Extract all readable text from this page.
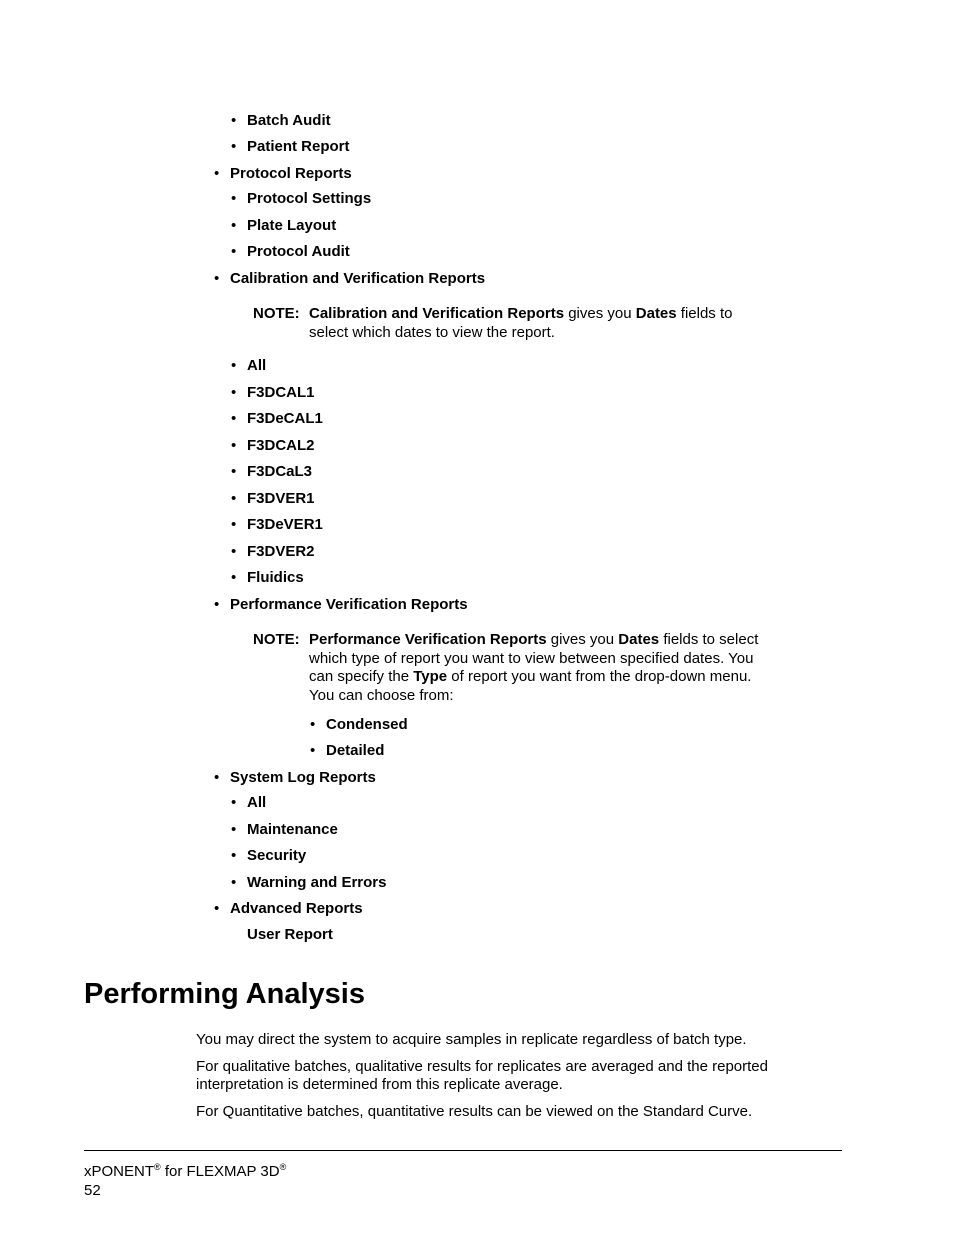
• Batch Audit
• Patient Report
• Protocol Reports
• Protocol Settings
• Plate Layout
• Protocol Audit
• Calibration and Verification Reports
NOTE: Calibration and Verification Reports gives you Dates fields to
select which dates to view the report.
• All
• F3DCAL1
• F3DeCAL1
• F3DCAL2
• F3DCaL3
• F3DVER1
• F3DeVER1
• F3DVER2
• Fluidics
• Performance Verification Reports
NOTE: Performance Verification Reports gives you Dates fields to select
which type of report you want to view between specified dates. You
can specify the Type of report you want from the drop-down menu.
You can choose from:
• Condensed
• Detailed
• System Log Reports
• All
• Maintenance
• Security
• Warning and Errors
• Advanced Reports
User Report
Performing Analysis
You may direct the system to acquire samples in replicate regardless of batch type.
For qualitative batches, qualitative results for replicates are averaged and the reported
interpretation is determined from this replicate average.
For Quantitative batches, quantitative results can be viewed on the Standard Curve.
xPONENT® for FLEXMAP 3D®
52
